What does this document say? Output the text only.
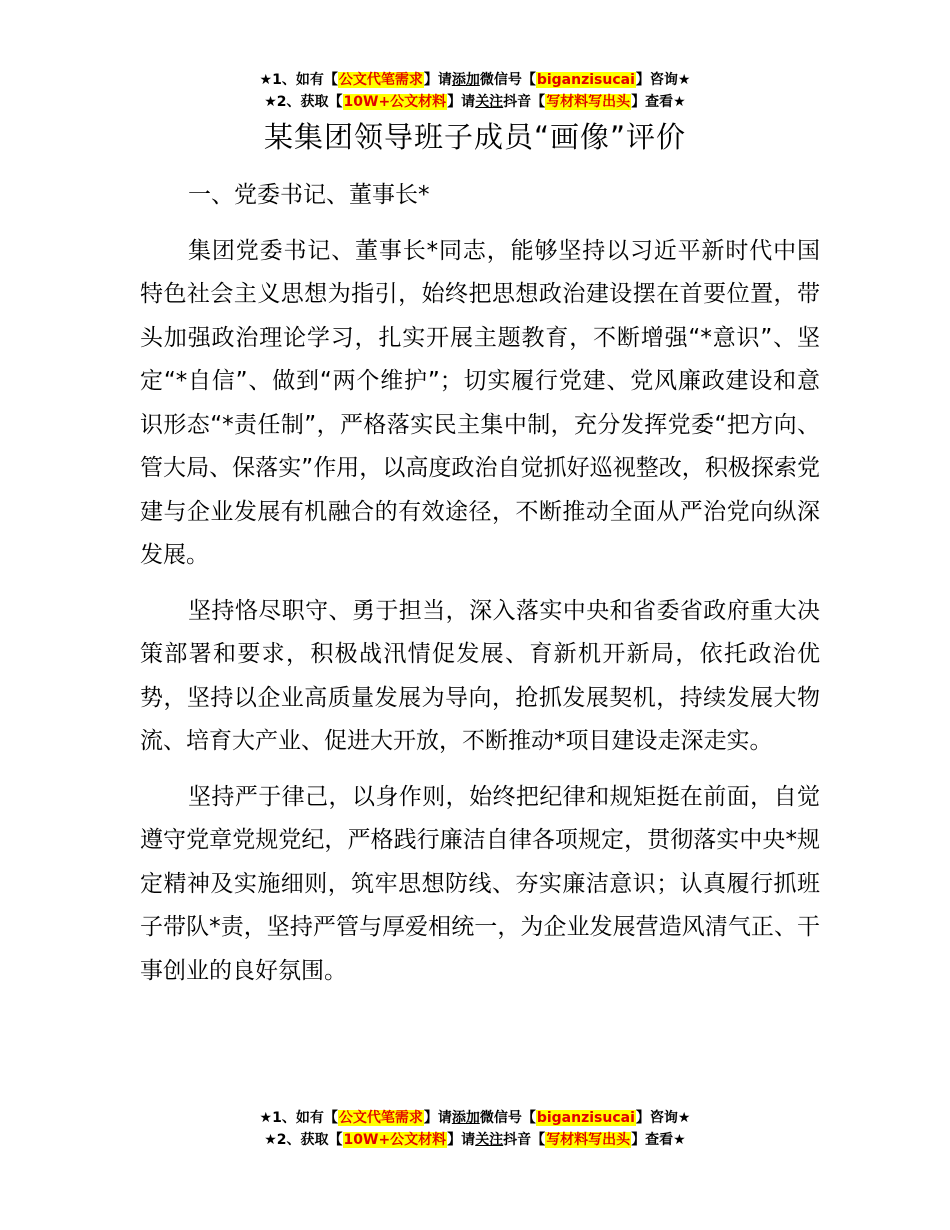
★1、如有【公文代笔需求】请添加微信号【biganzisucai】咨询★
★2、获取【10W+公文材料】请关注抖音【写材料写出头】查看★
某集团领导班子成员“画像”评价

一、党委书记、董事长*

集团党委书记、董事长*同志，能够坚持以习近平新时代中国特色社会主义思想为指引，始终把思想政治建设摆在首要位置，带头加强政治理论学习，扎实开展主题教育，不断增强“*意识”、坚定“*自信”、做到“两个维护”；切实履行党建、党风廉政建设和意识形态“*责任制”，严格落实民主集中制，充分发挥党委“把方向、管大局、保落实”作用，以高度政治自觉抓好巡视整改，积极探索党建与企业发展有机融合的有效途径，不断推动全面从严治党向纵深发展。

坚持恪尽职守、勇于担当，深入落实中央和省委省政府重大决策部署和要求，积极战汛情促发展、育新机开新局，依托政治优势，坚持以企业高质量发展为导向，抢抓发展契机，持续发展大物流、培育大产业、促进大开放，不断推动*项目建设走深走实。

坚持严于律己，以身作则，始终把纪律和规矩挺在前面，自觉遵守党章党规党纪，严格践行廉洁自律各项规定，贯彻落实中央*规定精神及实施细则，筑牢思想防线、夯实廉洁意识；认真履行抓班子带队*责，坚持严管与厚爱相统一，为企业发展营造风清气正、干事创业的良好氛围。

★1、如有【公文代笔需求】请添加微信号【biganzisucai】咨询★
★2、获取【10W+公文材料】请关注抖音【写材料写出头】查看★
